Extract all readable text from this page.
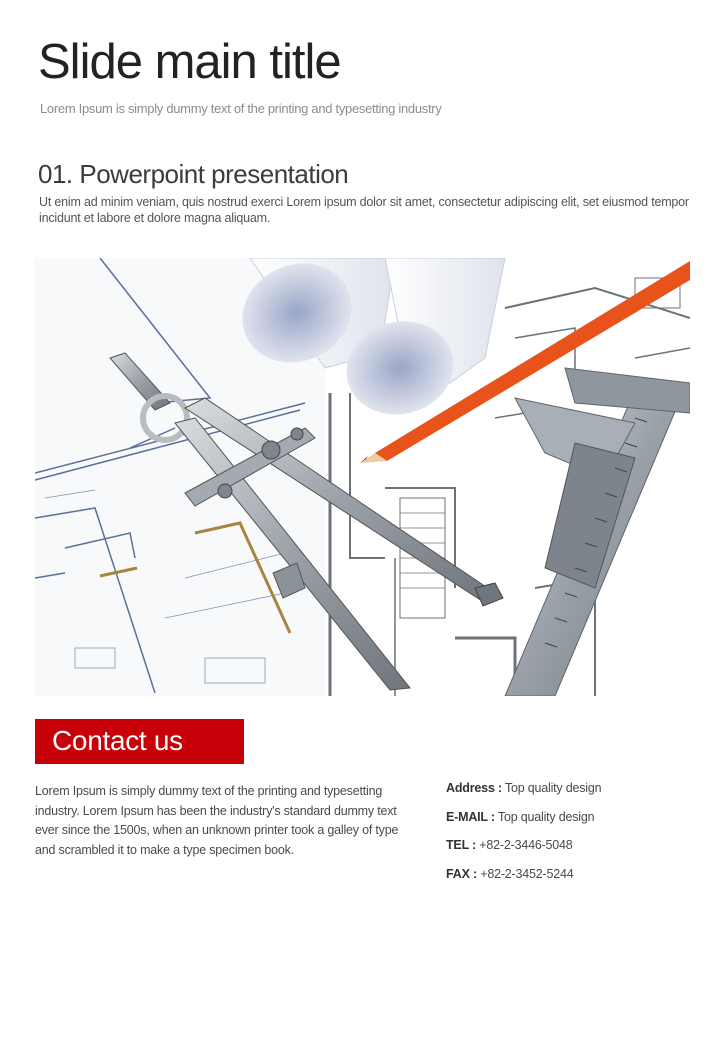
Slide main title
Lorem Ipsum is simply dummy text of the printing and typesetting industry
01. Powerpoint presentation
Ut enim ad minim veniam, quis nostrud exerci Lorem ipsum dolor sit amet, consectetur adipiscing elit, set eiusmod tempor incidunt et labore et dolore magna aliquam.
Contact us
Lorem Ipsum is simply dummy text of the printing and typesetting industry. Lorem Ipsum has been the industry's standard dummy text ever since the 1500s, when an unknown printer took a galley of type and scrambled it to make a type specimen book.
Address : Top quality design
E-MAIL : Top quality design
TEL : +82-2-3446-5048
FAX : +82-2-3452-5244
